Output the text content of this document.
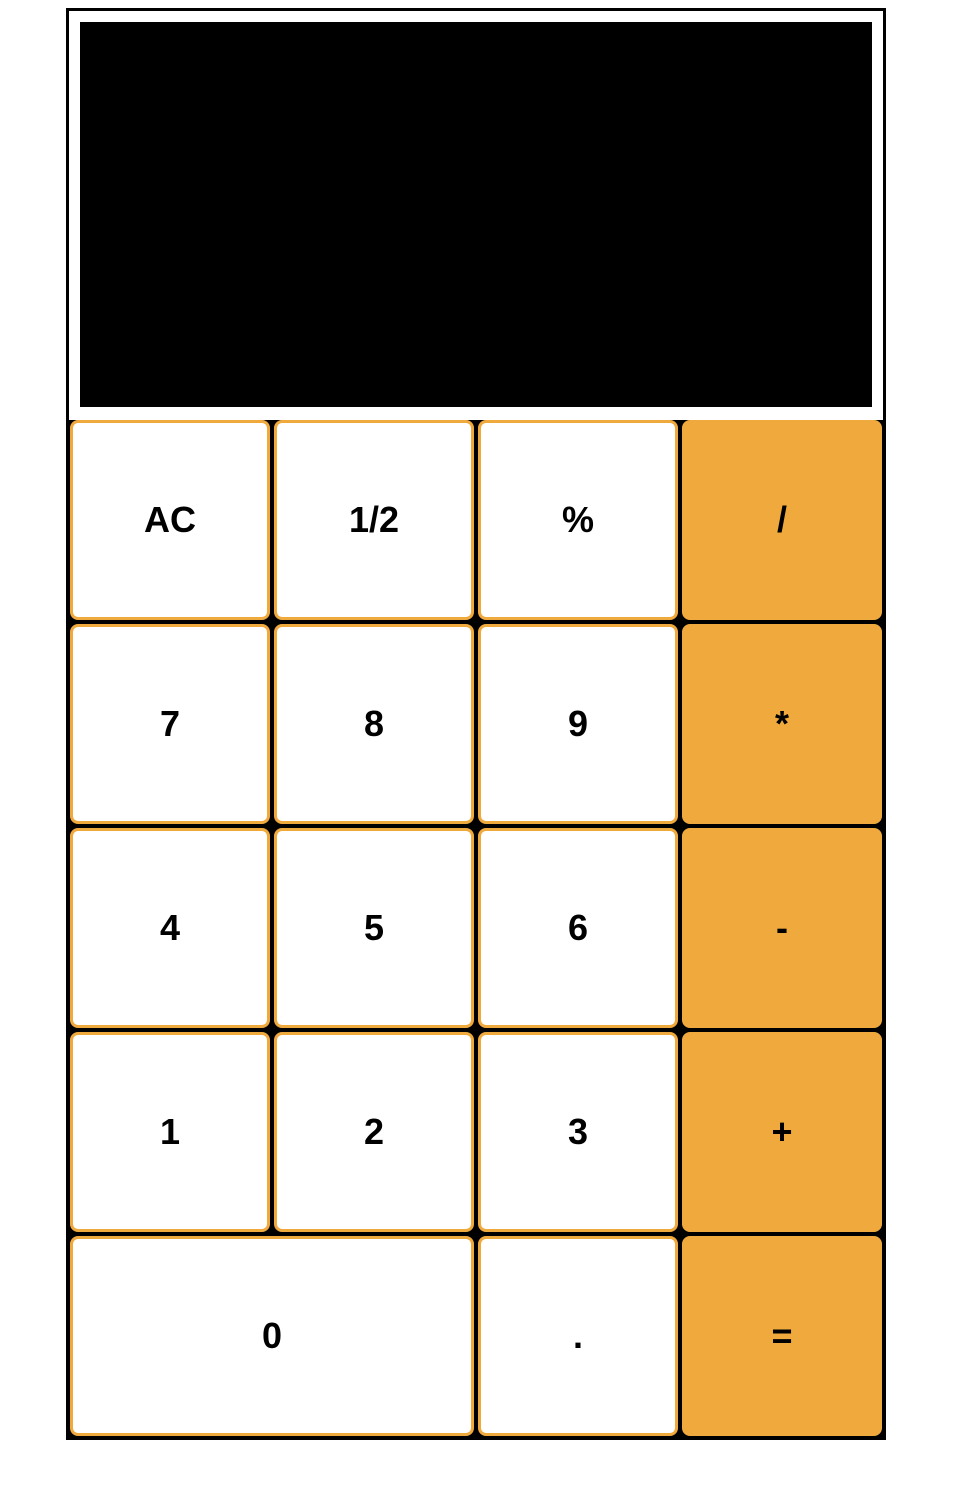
AC	1/2	%	/
7	8	9	*
4	5	6	-
1	2	3	+
0	.	=
